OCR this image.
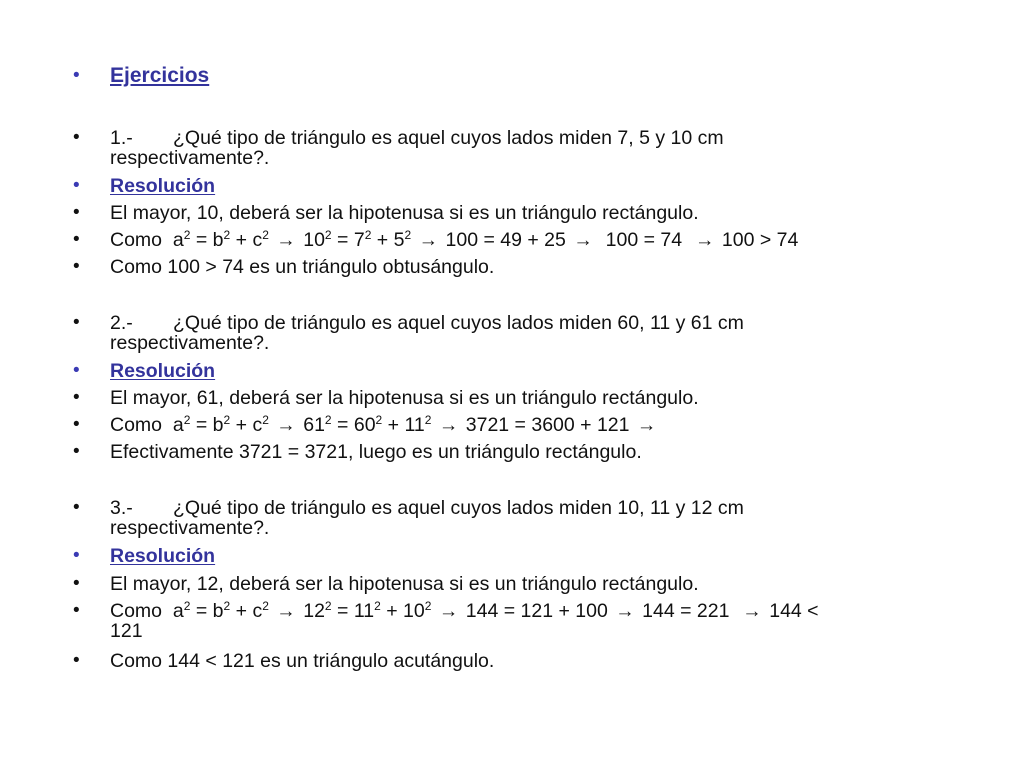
• Ejercicios
• 1.- ¿Qué tipo de triángulo es aquel cuyos lados miden 7, 5 y 10 cm
respectivamente?.
• Resolución
• El mayor, 10, deberá ser la hipotenusa si es un triángulo rectángulo.
• Como $a^2 = b^2 + c^2 \to 10^2 = 7^2 + 5^2 \to 100 = 49 + 25 \to 100 = 74 \to 100 > 74$
• Como 100 > 74 es un triángulo obtusángulo.
• 2.- ¿Qué tipo de triángulo es aquel cuyos lados miden 60, 11 y 61 cm
respectivamente?.
• Resolución
• El mayor, 61, deberá ser la hipotenusa si es un triángulo rectángulo.
• Como $a^2 = b^2 + c^2 \to 61^2 = 60^2 + 11^2 \to 3721 = 3600 + 121$ →
• Efectivamente 3721 = 3721, luego es un triángulo rectángulo.
• 3.- ¿Qué tipo de triángulo es aquel cuyos lados miden 10, 11 y 12 cm
respectivamente?.
• Resolución
• El mayor, 12, deberá ser la hipotenusa si es un triángulo rectángulo.
• Como $a^2 = b^2 + c^2 \to 12^2 = 11^2 + 10^2 \to 144 = 121 + 100 \to 144 = 221 \to 144$ <
121
• Como 144 < 121 es un triángulo acutángulo.
